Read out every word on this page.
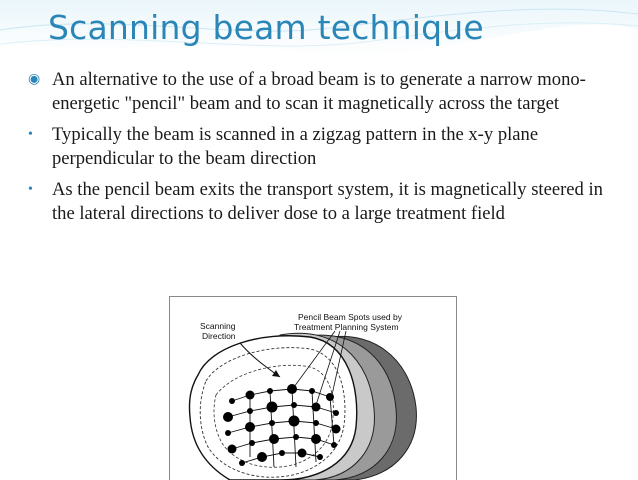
Scanning beam technique
◉ An alternative to the use of a broad beam is to generate a narrow mono-energetic "pencil" beam and to scan it magnetically across the target
• Typically the beam is scanned in a zigzag pattern in the x-y plane perpendicular to the beam direction
• As the pencil beam exits the transport system, it is magnetically steered in the lateral directions to deliver dose to a large treatment field
Scanning
Direction
Pencil Beam Spots used by
Treatment Planning System
